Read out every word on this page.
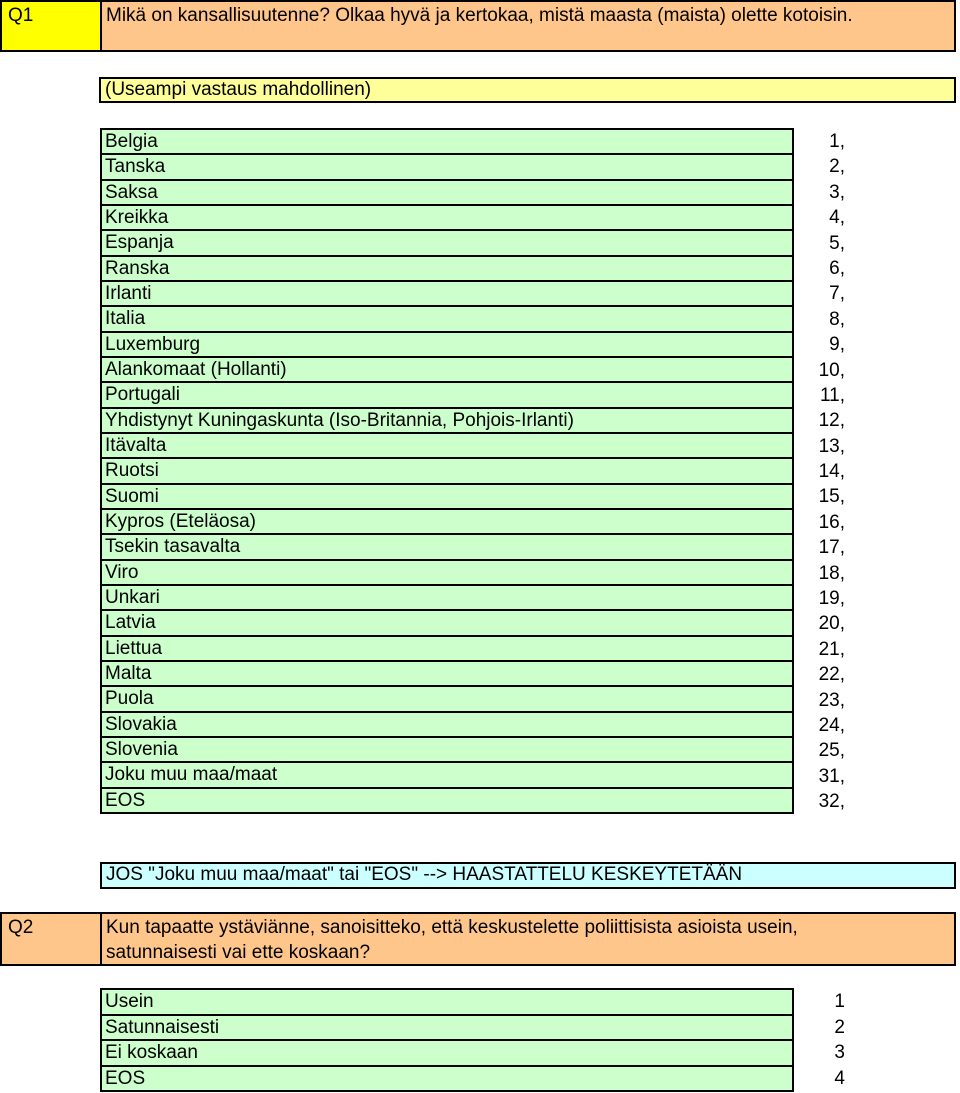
Q1	Mikä on kansallisuutenne? Olkaa hyvä ja kertokaa, mistä maasta (maista) olette kotoisin.
(Useampi vastaus mahdollinen)
Belgia
Tanska
Saksa
Kreikka
Espanja
Ranska
Irlanti
Italia
Luxemburg
Alankomaat (Hollanti)
Portugali
Yhdistynyt Kuningaskunta (Iso-Britannia, Pohjois-Irlanti)
Itävalta
Ruotsi
Suomi
Kypros (Eteläosa)
Tsekin tasavalta
Viro
Unkari
Latvia
Liettua
Malta
Puola
Slovakia
Slovenia
Joku muu maa/maat
EOS
1,
2,
3,
4,
5,
6,
7,
8,
9,
10,
11,
12,
13,
14,
15,
16,
17,
18,
19,
20,
21,
22,
23,
24,
25,
31,
32,
JOS "Joku muu maa/maat" tai "EOS" --> HAASTATTELU KESKEYTETÄÄN
Q2	Kun tapaatte ystäviänne, sanoisitteko, että keskustelette poliittisista asioista usein,
satunnaisesti vai ette koskaan?
Usein
Satunnaisesti
Ei koskaan
EOS
1
2
3
4
